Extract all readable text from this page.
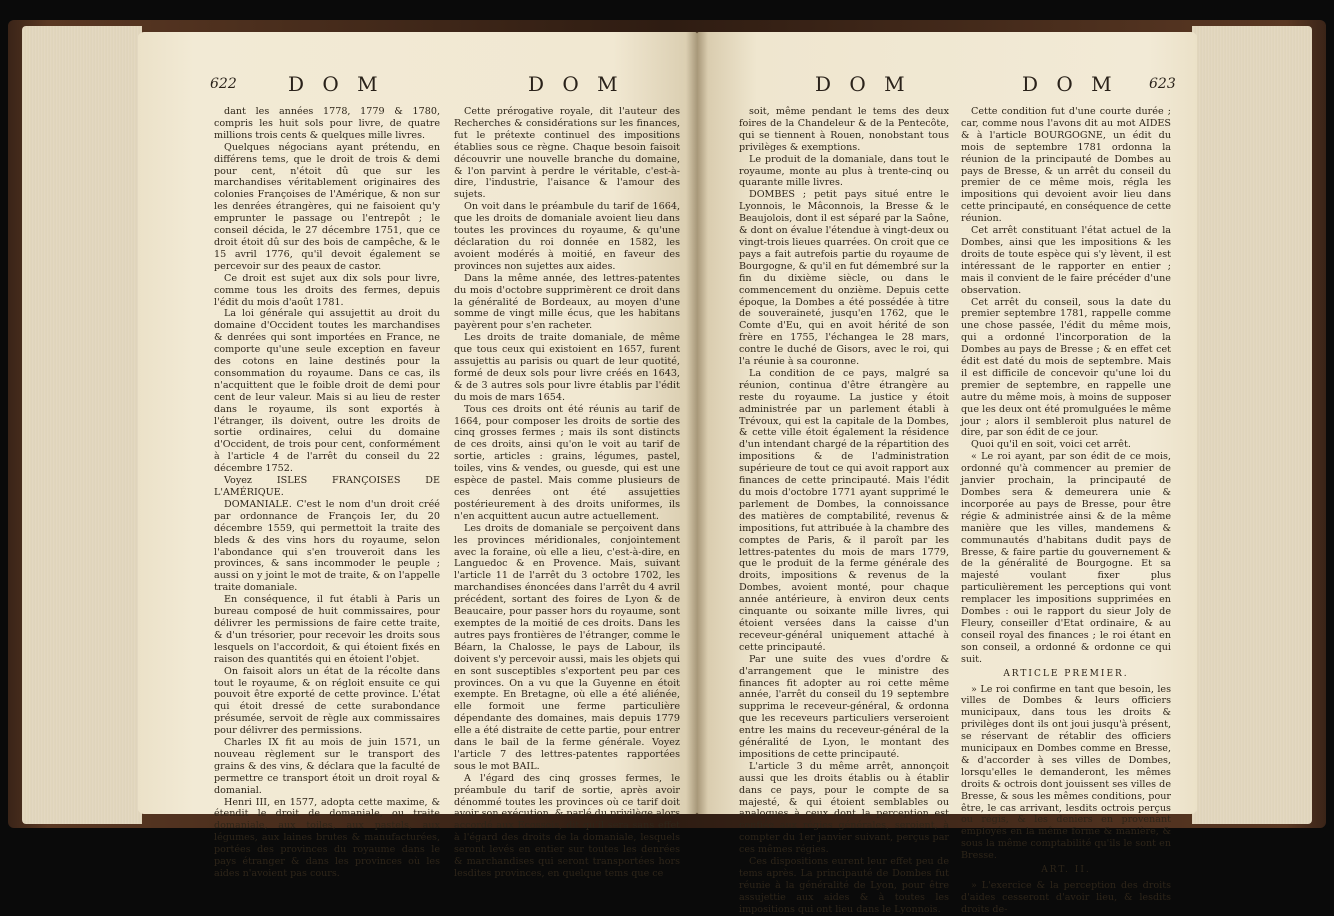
622	D O M	D O M

dant les années 1778, 1779 & 1780, compris les huit sols pour livre, de quatre millions trois cents & quelques mille livres.

Quelques négocians ayant prétendu, en différens tems, que le droit de trois & demi pour cent, n'étoit dû que sur les marchandises véritablement originaires des colonies Françoises de l'Amérique, & non sur les denrées étrangères, qui ne faisoient qu'y emprunter le passage ou l'entrepôt ; le conseil décida, le 27 décembre 1751, que ce droit étoit dû sur des bois de campêche, & le 15 avril 1776, qu'il devoit également se percevoir sur des peaux de castor.

Ce droit est sujet aux dix sols pour livre, comme tous les droits des fermes, depuis l'édit du mois d'août 1781.

La loi générale qui assujettit au droit du domaine d'Occident toutes les marchandises & denrées qui sont importées en France, ne comporte qu'une seule exception en faveur des cotons en laine destinés pour la consommation du royaume. Dans ce cas, ils n'acquittent que le foible droit de demi pour cent de leur valeur. Mais si au lieu de rester dans le royaume, ils sont exportés à l'étranger, ils doivent, outre les droits de sortie ordinaires, celui du domaine d'Occident, de trois pour cent, conformément à l'article 4 de l'arrêt du conseil du 22 décembre 1752.

Voyez ISLES FRANÇOISES DE L'AMÉRIQUE.

DOMANIALE. C'est le nom d'un droit créé par ordonnance de François Ier, du 20 décembre 1559, qui permettoit la traite des bleds & des vins hors du royaume, selon l'abondance qui s'en trouveroit dans les provinces, & sans incommoder le peuple ; aussi on y joint le mot de traite, & on l'appelle traite domaniale.

En conséquence, il fut établi à Paris un bureau composé de huit commissaires, pour délivrer les permissions de faire cette traite, & d'un trésorier, pour recevoir les droits sous lesquels on l'accordoit, & qui étoient fixés en raison des quantités qui en étoient l'objet.

On faisoit alors un état de la récolte dans tout le royaume, & on régloit ensuite ce qui pouvoit être exporté de cette province. L'état qui étoit dressé de cette surabondance présumée, servoit de règle aux commissaires pour délivrer des permissions.

Charles IX fit au mois de juin 1571, un nouveau règlement sur le transport des grains & des vins, & déclara que la faculté de permettre ce transport étoit un droit royal & domanial.

Henri III, en 1577, adopta cette maxime, & étendit le droit de domaniale, ou traite domaniale, aux toiles, aux pastels, aux légumes, aux laines brutes & manufacturées, portées des provinces du royaume dans le pays étranger & dans les provinces où les aides n'avoient pas cours.

Cette prérogative royale, dit l'auteur des Recherches & considérations sur les finances, fut le prétexte continuel des impositions établies sous ce règne. Chaque besoin faisoit découvrir une nouvelle branche du domaine, & l'on parvint à perdre le véritable, c'est-à-dire, l'industrie, l'aisance & l'amour des sujets.

On voit dans le préambule du tarif de 1664, que les droits de domaniale avoient lieu dans toutes les provinces du royaume, & qu'une déclaration du roi donnée en 1582, les avoient modérés à moitié, en faveur des provinces non sujettes aux aides.

Dans la même année, des lettres-patentes du mois d'octobre supprimèrent ce droit dans la généralité de Bordeaux, au moyen d'une somme de vingt mille écus, que les habitans payèrent pour s'en racheter.

Les droits de traite domaniale, de même que tous ceux qui existoient en 1657, furent assujettis au parisis ou quart de leur quotité, formé de deux sols pour livre créés en 1643, & de 3 autres sols pour livre établis par l'édit du mois de mars 1654.

Tous ces droits ont été réunis au tarif de 1664, pour composer les droits de sortie des cinq grosses fermes ; mais ils sont distincts de ces droits, ainsi qu'on le voit au tarif de sortie, articles : grains, légumes, pastel, toiles, vins & vendes, ou guesde, qui est une espèce de pastel. Mais comme plusieurs de ces denrées ont été assujetties postérieurement à des droits uniformes, ils n'en acquittent aucun autre actuellement.

Les droits de domaniale se perçoivent dans les provinces méridionales, conjointement avec la foraine, où elle a lieu, c'est-à-dire, en Languedoc & en Provence. Mais, suivant l'article 11 de l'arrêt du 3 octobre 1702, les marchandises énoncées dans l'arrêt du 4 avril précédent, sortant des foires de Lyon & de Beaucaire, pour passer hors du royaume, sont exemptes de la moitié de ces droits. Dans les autres pays frontières de l'étranger, comme le Béarn, la Chalosse, le pays de Labour, ils doivent s'y percevoir aussi, mais les objets qui en sont susceptibles s'exportent peu par ces provinces. On a vu que la Guyenne en étoit exempte. En Bretagne, où elle a été aliénée, elle formoit une ferme particulière dépendante des domaines, mais depuis 1779 elle a été distraite de cette partie, pour entrer dans le bail de la ferme générale. Voyez l'article 7 des lettres-patentes rapportées sous le mot BAIL.

A l'égard des cinq grosses fermes, le préambule du tarif de sortie, après avoir dénommé toutes les provinces où ce tarif doit avoir son exécution, & parlé du privilège alors accordé aux Ecossois, dit qu'il sera sans effet à l'égard des droits de la domaniale, lesquels seront levés en entier sur toutes les denrées & marchandises qui seront transportées hors lesdites provinces, en quelque tems que ce

D O M	D O M 623

soit, même pendant le tems des deux foires de la Chandeleur & de la Pentecôte, qui se tiennent à Rouen, nonobstant tous privilèges & exemptions.

Le produit de la domaniale, dans tout le royaume, monte au plus à trente-cinq ou quarante mille livres.

DOMBES ; petit pays situé entre le Lyonnois, le Mâconnois, la Bresse & le Beaujolois, dont il est séparé par la Saône, & dont on évalue l'étendue à vingt-deux ou vingt-trois lieues quarrées. On croit que ce pays a fait autrefois partie du royaume de Bourgogne, & qu'il en fut démembré sur la fin du dixième siècle, ou dans le commencement du onzième. Depuis cette époque, la Dombes a été possédée à titre de souveraineté, jusqu'en 1762, que le Comte d'Eu, qui en avoit hérité de son frère en 1755, l'échangea le 28 mars, contre le duché de Gisors, avec le roi, qui l'a réunie à sa couronne.

La condition de ce pays, malgré sa réunion, continua d'être étrangère au reste du royaume. La justice y étoit administrée par un parlement établi à Trévoux, qui est la capitale de la Dombes, & cette ville étoit également la résidence d'un intendant chargé de la répartition des impositions & de l'administration supérieure de tout ce qui avoit rapport aux finances de cette principauté. Mais l'édit du mois d'octobre 1771 ayant supprimé le parlement de Dombes, la connoissance des matières de comptabilité, revenus & impositions, fut attribuée à la chambre des comptes de Paris, & il paroît par les lettres-patentes du mois de mars 1779, que le produit de la ferme générale des droits, impositions & revenus de la Dombes, avoient monté, pour chaque année antérieure, à environ deux cents cinquante ou soixante mille livres, qui étoient versées dans la caisse d'un receveur-général uniquement attaché à cette principauté.

Par une suite des vues d'ordre & d'arrangement que le ministre des finances fit adopter au roi cette même année, l'arrêt du conseil du 19 septembre supprima le receveur-général, & ordonna que les receveurs particuliers verseroient entre les mains du receveur-général de la généralité de Lyon, le montant des impositions de cette principauté.

L'article 3 du même arrêt, annonçoit aussi que les droits établis ou à établir dans ce pays, pour le compte de sa majesté, & qui étoient semblables ou analogues à ceux dont la perception est confiée aux régies générales, seroient, à compter du 1er janvier suivant, perçus par ces mêmes régies.

Ces dispositions eurent leur effet peu de tems après. La principauté de Dombes fut réunie à la généralité de Lyon, pour être assujettie aux aides & à toutes les impositions qui ont lieu dans le Lyonnois.

Cette condition fut d'une courte durée ; car, comme nous l'avons dit au mot AIDES & à l'article BOURGOGNE, un édit du mois de septembre 1781 ordonna la réunion de la principauté de Dombes au pays de Bresse, & un arrêt du conseil du premier de ce même mois, régla les impositions qui devoient avoir lieu dans cette principauté, en conséquence de cette réunion.

Cet arrêt constituant l'état actuel de la Dombes, ainsi que les impositions & les droits de toute espèce qui s'y lèvent, il est intéressant de le rapporter en entier ; mais il convient de le faire précéder d'une observation.

Cet arrêt du conseil, sous la date du premier septembre 1781, rappelle comme une chose passée, l'édit du même mois, qui a ordonné l'incorporation de la Dombes au pays de Bresse ; & en effet cet édit est daté du mois de septembre. Mais il est difficile de concevoir qu'une loi du premier de septembre, en rappelle une autre du même mois, à moins de supposer que les deux ont été promulguées le même jour ; alors il sembleroit plus naturel de dire, par son édit de ce jour.

Quoi qu'il en soit, voici cet arrêt.

« Le roi ayant, par son édit de ce mois, ordonné qu'à commencer au premier de janvier prochain, la principauté de Dombes sera & demeurera unie & incorporée au pays de Bresse, pour être régie & administrée ainsi & de la même manière que les villes, mandemens & communautés d'habitans dudit pays de Bresse, & faire partie du gouvernement & de la généralité de Bourgogne. Et sa majesté voulant fixer plus particulièrement les perceptions qui vont remplacer les impositions supprimées en Dombes : oui le rapport du sieur Joly de Fleury, conseiller d'Etat ordinaire, & au conseil royal des finances ; le roi étant en son conseil, a ordonné & ordonne ce qui suit.

ARTICLE PREMIER.

» Le roi confirme en tant que besoin, les villes de Dombes & leurs officiers municipaux, dans tous les droits & privilèges dont ils ont joui jusqu'à présent, se réservant de rétablir des officiers municipaux en Dombes comme en Bresse, & d'accorder à ses villes de Dombes, lorsqu'elles le demanderont, les mêmes droits & octrois dont jouissent ses villes de Bresse, & sous les mêmes conditions, pour être, le cas arrivant, lesdits octrois perçus ou régis, & les deniers en provenant employés en la même forme & manière, & sous la même comptabilité qu'ils le sont en Bresse.

ART. II.

» L'exercice & la perception des droits d'aides cesseront d'avoir lieu, & lesdits droits de-
